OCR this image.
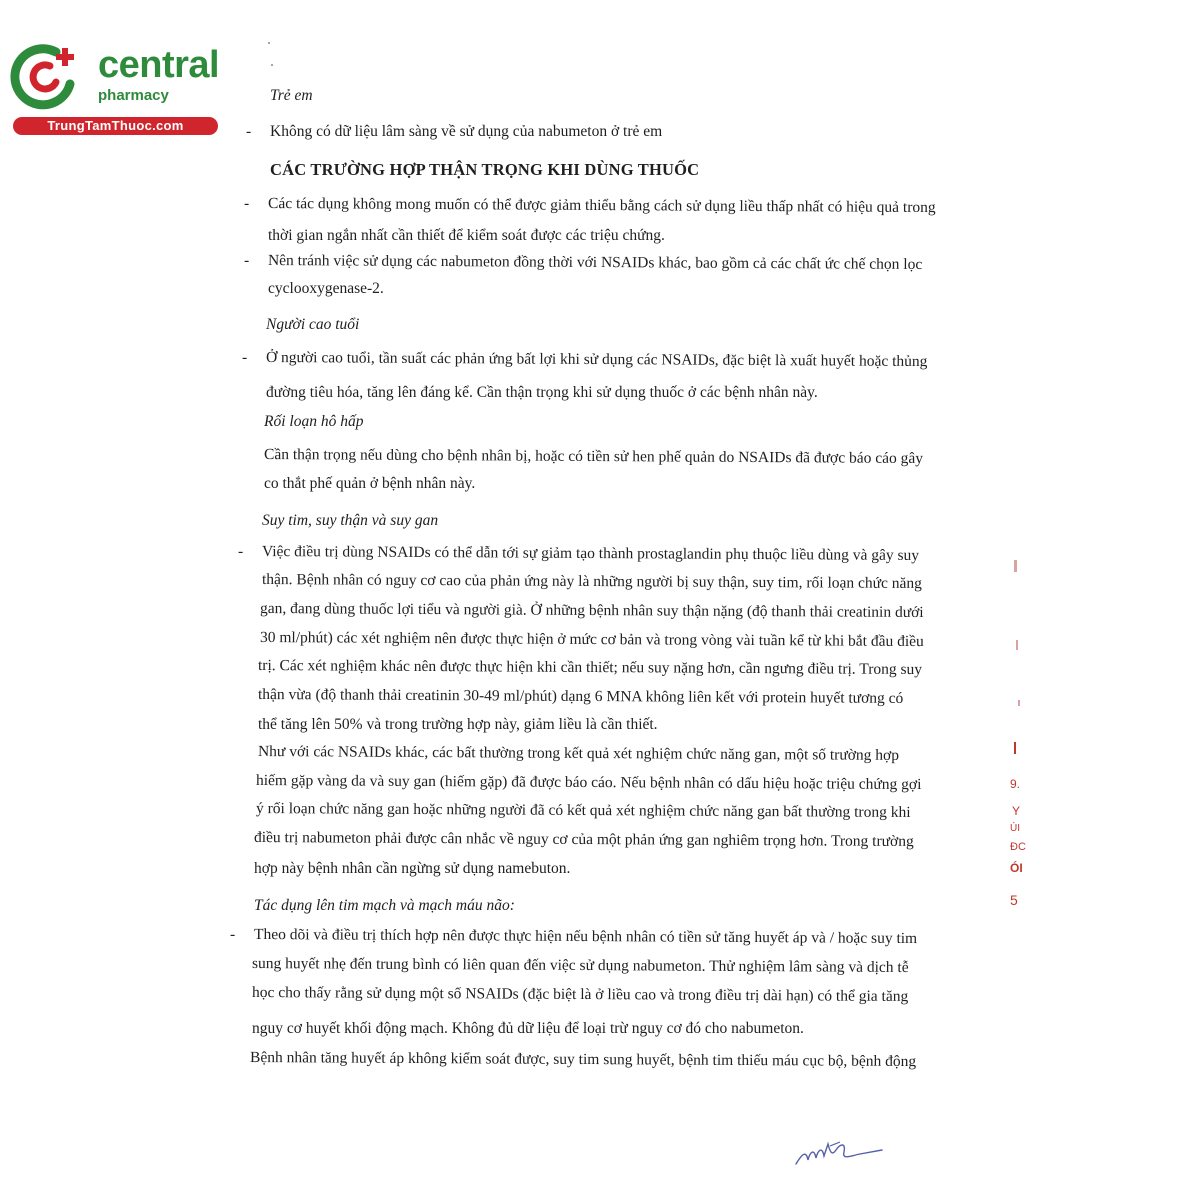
central
pharmacy
TrungTamThuoc.com
Trẻ em
- Không có dữ liệu lâm sàng về sử dụng của nabumeton ở trẻ em
CÁC TRƯỜNG HỢP THẬN TRỌNG KHI DÙNG THUỐC
- Các tác dụng không mong muốn có thể được giảm thiểu bằng cách sử dụng liều thấp nhất có hiệu quả trong
thời gian ngắn nhất cần thiết để kiểm soát được các triệu chứng.
- Nên tránh việc sử dụng các nabumeton đồng thời với NSAIDs khác, bao gồm cả các chất ức chế chọn lọc
cyclooxygenase-2.
Người cao tuổi
- Ở người cao tuổi, tần suất các phản ứng bất lợi khi sử dụng các NSAIDs, đặc biệt là xuất huyết hoặc thủng
đường tiêu hóa, tăng lên đáng kể. Cần thận trọng khi sử dụng thuốc ở các bệnh nhân này.
Rối loạn hô hấp
Cần thận trọng nếu dùng cho bệnh nhân bị, hoặc có tiền sử hen phế quản do NSAIDs đã được báo cáo gây
co thắt phế quản ở bệnh nhân này.
Suy tim, suy thận và suy gan
- Việc điều trị dùng NSAIDs có thể dẫn tới sự giảm tạo thành prostaglandin phụ thuộc liều dùng và gây suy
thận. Bệnh nhân có nguy cơ cao của phản ứng này là những người bị suy thận, suy tim, rối loạn chức năng
gan, đang dùng thuốc lợi tiểu và người già. Ở những bệnh nhân suy thận nặng (độ thanh thải creatinin dưới
30 ml/phút) các xét nghiệm nên được thực hiện ở mức cơ bản và trong vòng vài tuần kể từ khi bắt đầu điều
trị. Các xét nghiệm khác nên được thực hiện khi cần thiết; nếu suy nặng hơn, cần ngưng điều trị. Trong suy
thận vừa (độ thanh thải creatinin 30-49 ml/phút) dạng 6 MNA không liên kết với protein huyết tương có
thể tăng lên 50% và trong trường hợp này, giảm liều là cần thiết.
Như với các NSAIDs khác, các bất thường trong kết quả xét nghiệm chức năng gan, một số trường hợp
hiếm gặp vàng da và suy gan (hiếm gặp) đã được báo cáo. Nếu bệnh nhân có dấu hiệu hoặc triệu chứng gợi
ý rối loạn chức năng gan hoặc những người đã có kết quả xét nghiệm chức năng gan bất thường trong khi
điều trị nabumeton phải được cân nhắc về nguy cơ của một phản ứng gan nghiêm trọng hơn. Trong trường
hợp này bệnh nhân cần ngừng sử dụng namebuton.
Tác dụng lên tim mạch và mạch máu não:
- Theo dõi và điều trị thích hợp nên được thực hiện nếu bệnh nhân có tiền sử tăng huyết áp và / hoặc suy tim
sung huyết nhẹ đến trung bình có liên quan đến việc sử dụng nabumeton. Thử nghiệm lâm sàng và dịch tễ
học cho thấy rằng sử dụng một số NSAIDs (đặc biệt là ở liều cao và trong điều trị dài hạn) có thể gia tăng
nguy cơ huyết khối động mạch. Không đủ dữ liệu để loại trừ nguy cơ đó cho nabumeton.
Bệnh nhân tăng huyết áp không kiểm soát được, suy tim sung huyết, bệnh tim thiếu máu cục bộ, bệnh động
9.
Y
ÚI
ĐC
ÓI
5
